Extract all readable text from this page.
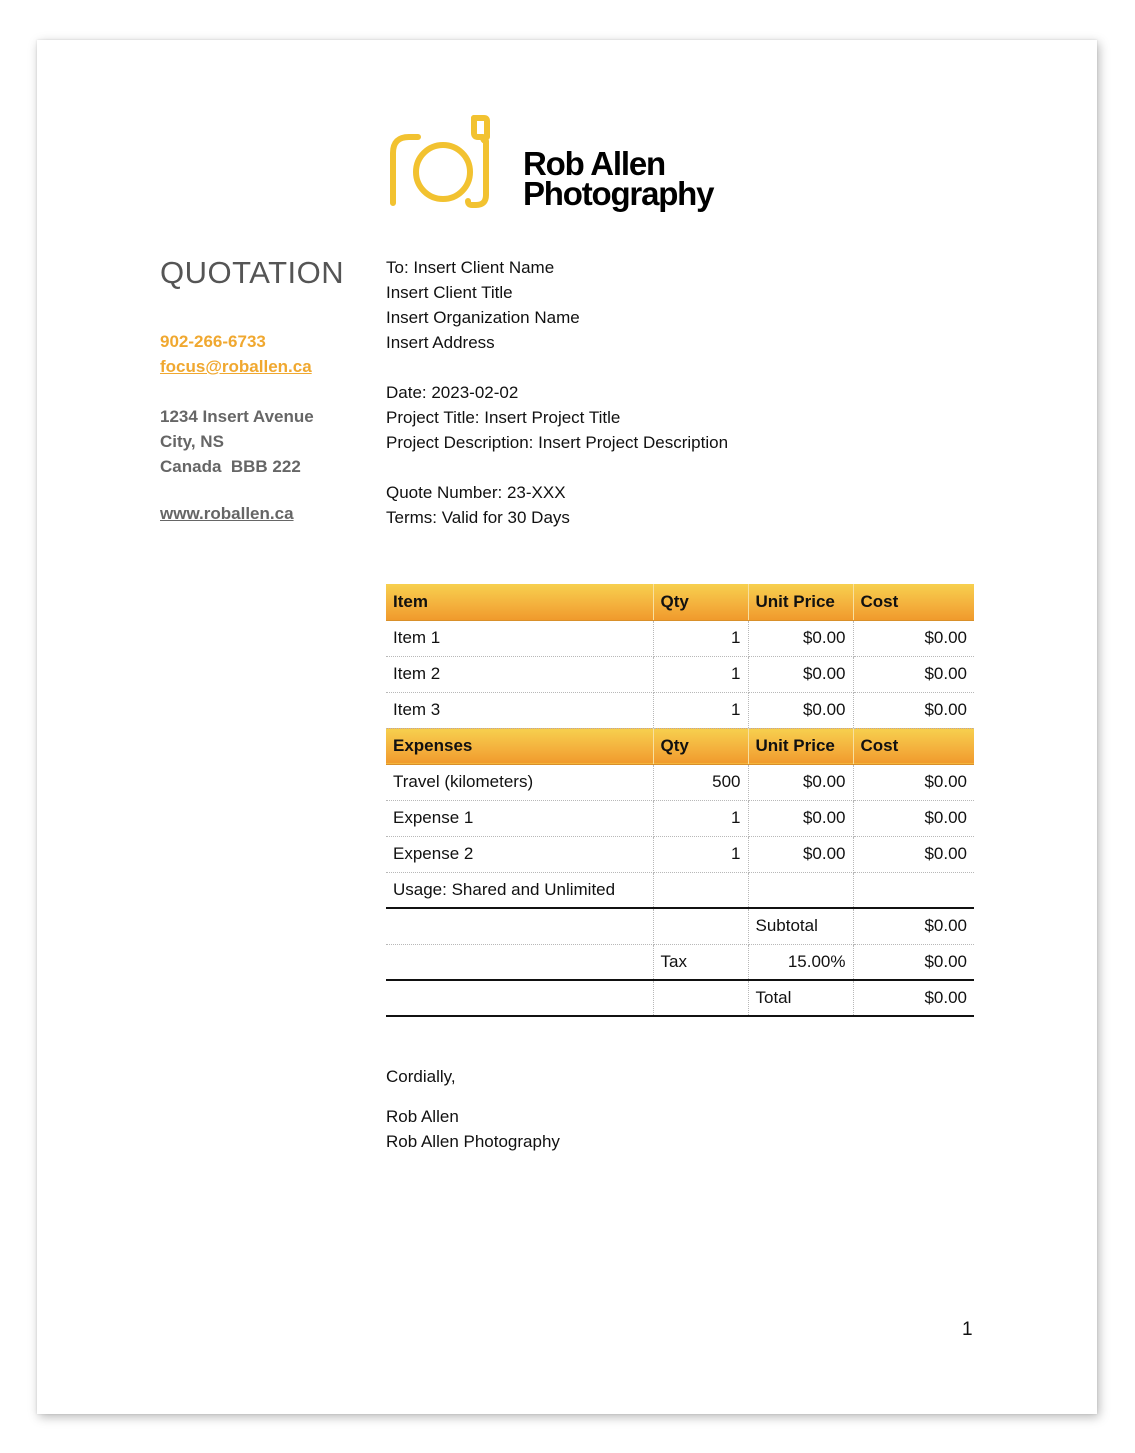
Rob Allen
Photography
QUOTATION
902-266-6733
focus@roballen.ca
1234 Insert Avenue
City, NS
Canada  BBB 222
www.roballen.ca
To: Insert Client Name
Insert Client Title
Insert Organization Name
Insert Address
Date: 2023-02-02
Project Title: Insert Project Title
Project Description: Insert Project Description
Quote Number: 23-XXX
Terms: Valid for 30 Days
Item	Qty	Unit Price	Cost
Item 1	1	$0.00	$0.00
Item 2	1	$0.00	$0.00
Item 3	1	$0.00	$0.00
Expenses	Qty	Unit Price	Cost
Travel (kilometers)	500	$0.00	$0.00
Expense 1	1	$0.00	$0.00
Expense 2	1	$0.00	$0.00
Usage: Shared and Unlimited			
		Subtotal	$0.00
	Tax	15.00%	$0.00
		Total	$0.00
Cordially,
Rob Allen
Rob Allen Photography
1
